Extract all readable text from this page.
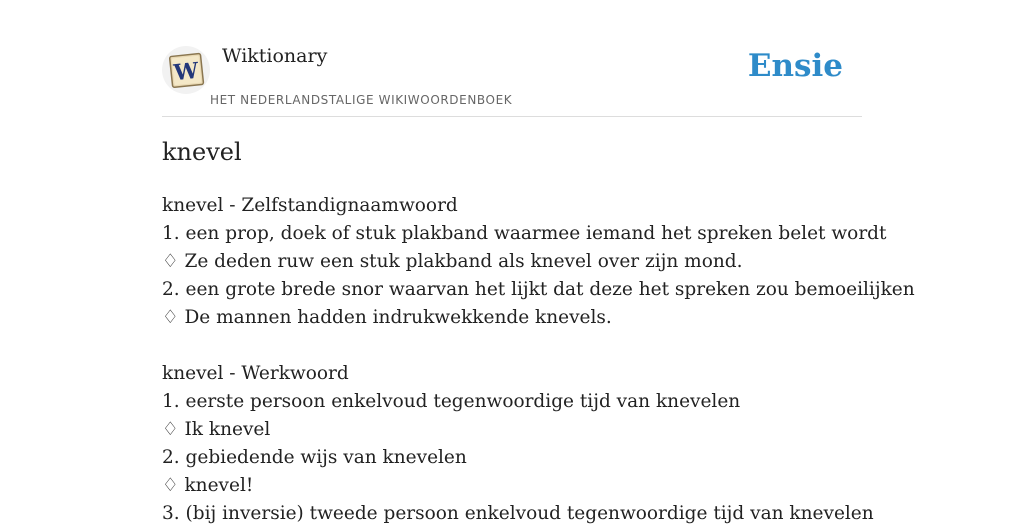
W
Wiktionary
HET NEDERLANDSTALIGE WIKIWOORDENBOEK
Ensie
knevel
knevel - Zelfstandignaamwoord
1. een prop, doek of stuk plakband waarmee iemand het spreken belet wordt
♢ Ze deden ruw een stuk plakband als knevel over zijn mond.
2. een grote brede snor waarvan het lijkt dat deze het spreken zou bemoeilijken
♢ De mannen hadden indrukwekkende knevels.
knevel - Werkwoord
1. eerste persoon enkelvoud tegenwoordige tijd van knevelen
♢ Ik knevel
2. gebiedende wijs van knevelen
♢ knevel!
3. (bij inversie) tweede persoon enkelvoud tegenwoordige tijd van knevelen
